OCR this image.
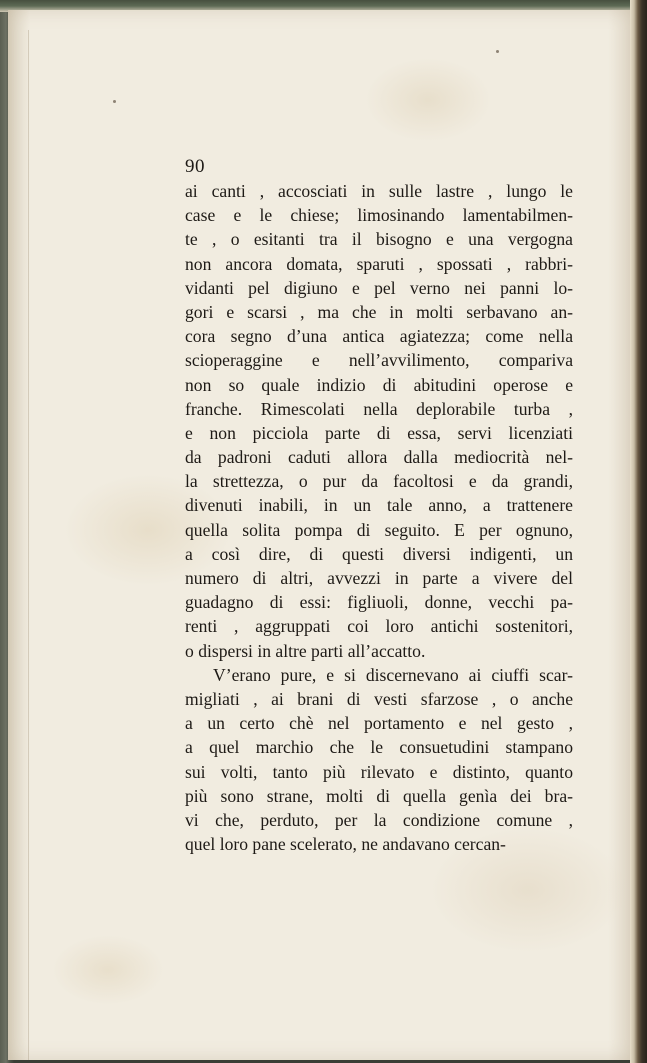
90
ai canti , accosciati in sulle lastre , lungo le
case e le chiese; limosinando lamentabilmen-
te , o esitanti tra il bisogno e una vergogna
non ancora domata, sparuti , spossati , rabbri-
vidanti pel digiuno e pel verno nei panni lo-
gori e scarsi , ma che in molti serbavano an-
cora segno d’una antica agiatezza; come nella
scioperaggine e nell’avvilimento, compariva
non so quale indizio di abitudini operose e
franche. Rimescolati nella deplorabile turba ,
e non picciola parte di essa, servi licenziati
da padroni caduti allora dalla mediocrità nel-
la strettezza, o pur da facoltosi e da grandi,
divenuti inabili, in un tale anno, a trattenere
quella solita pompa di seguito. E per ognuno,
a così dire, di questi diversi indigenti, un
numero di altri, avvezzi in parte a vivere del
guadagno di essi: figliuoli, donne, vecchi pa-
renti , aggruppati coi loro antichi sostenitori,
o dispersi in altre parti all’accatto.
V’erano pure, e si discernevano ai ciuffi scar-
migliati , ai brani di vesti sfarzose , o anche
a un certo chè nel portamento e nel gesto ,
a quel marchio che le consuetudini stampano
sui volti, tanto più rilevato e distinto, quanto
più sono strane, molti di quella genìa dei bra-
vi che, perduto, per la condizione comune ,
quel loro pane scelerato, ne andavano cercan-
